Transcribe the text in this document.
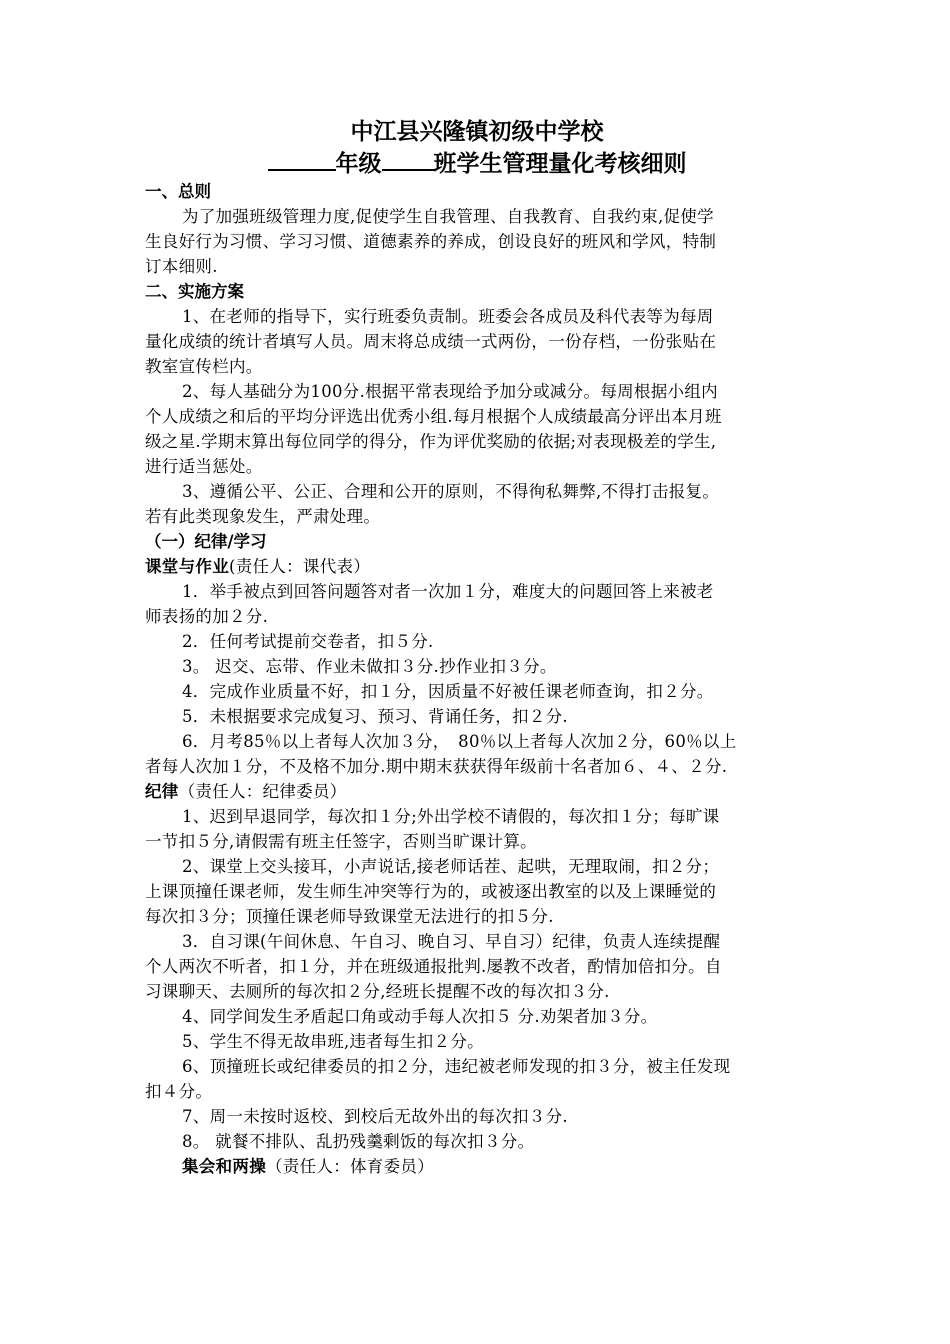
中江县兴隆镇初级中学校
年级 班学生管理量化考核细则
一、总则
为了加强班级管理力度,促使学生自我管理、自我教育、自我约束,促使学
生良好行为习惯、学习习惯、道德素养的养成，创设良好的班风和学风，特制
订本细则.
二、实施方案
1、在老师的指导下，实行班委负责制。班委会各成员及科代表等为每周
量化成绩的统计者填写人员。周末将总成绩一式两份，一份存档，一份张贴在
教室宣传栏内。
2、每人基础分为100分.根据平常表现给予加分或减分。每周根据小组内
个人成绩之和后的平均分评选出优秀小组.每月根据个人成绩最高分评出本月班
级之星.学期末算出每位同学的得分，作为评优奖励的依据;对表现极差的学生,
进行适当惩处。
3、遵循公平、公正、合理和公开的原则，不得徇私舞弊,不得打击报复。
若有此类现象发生，严肃处理。
（一）纪律/学习
课堂与作业(责任人：课代表）
1．举手被点到回答问题答对者一次加１分，难度大的问题回答上来被老
师表扬的加２分.
2．任何考试提前交卷者，扣５分.
3。 迟交、忘带、作业未做扣３分.抄作业扣３分。
4．完成作业质量不好，扣１分，因质量不好被任课老师查询，扣２分。
5．未根据要求完成复习、预习、背诵任务，扣２分.
6．月考85％以上者每人次加３分，　80％以上者每人次加２分，60％以上
者每人次加１分，不及格不加分.期中期末获获得年级前十名者加６、４、２分.
纪律（责任人：纪律委员）
1、迟到早退同学，每次扣１分;外出学校不请假的，每次扣１分；每旷课
一节扣５分,请假需有班主任签字，否则当旷课计算。
2、课堂上交头接耳，小声说话,接老师话茬、起哄，无理取闹，扣２分；
上课顶撞任课老师，发生师生冲突等行为的，或被逐出教室的以及上课睡觉的
每次扣３分；顶撞任课老师导致课堂无法进行的扣５分.
3．自习课(午间休息、午自习、晚自习、早自习）纪律，负责人连续提醒
个人两次不听者，扣１分，并在班级通报批判.屡教不改者，酌情加倍扣分。自
习课聊天、去厕所的每次扣２分,经班长提醒不改的每次扣３分.
4、同学间发生矛盾起口角或动手每人次扣５ 分.劝架者加３分。
5、学生不得无故串班,违者每生扣２分。
6、顶撞班长或纪律委员的扣２分，违纪被老师发现的扣３分，被主任发现
扣４分。
7、周一未按时返校、到校后无故外出的每次扣３分.
8。 就餐不排队、乱扔残羹剩饭的每次扣３分。
集会和两操（责任人：体育委员）
